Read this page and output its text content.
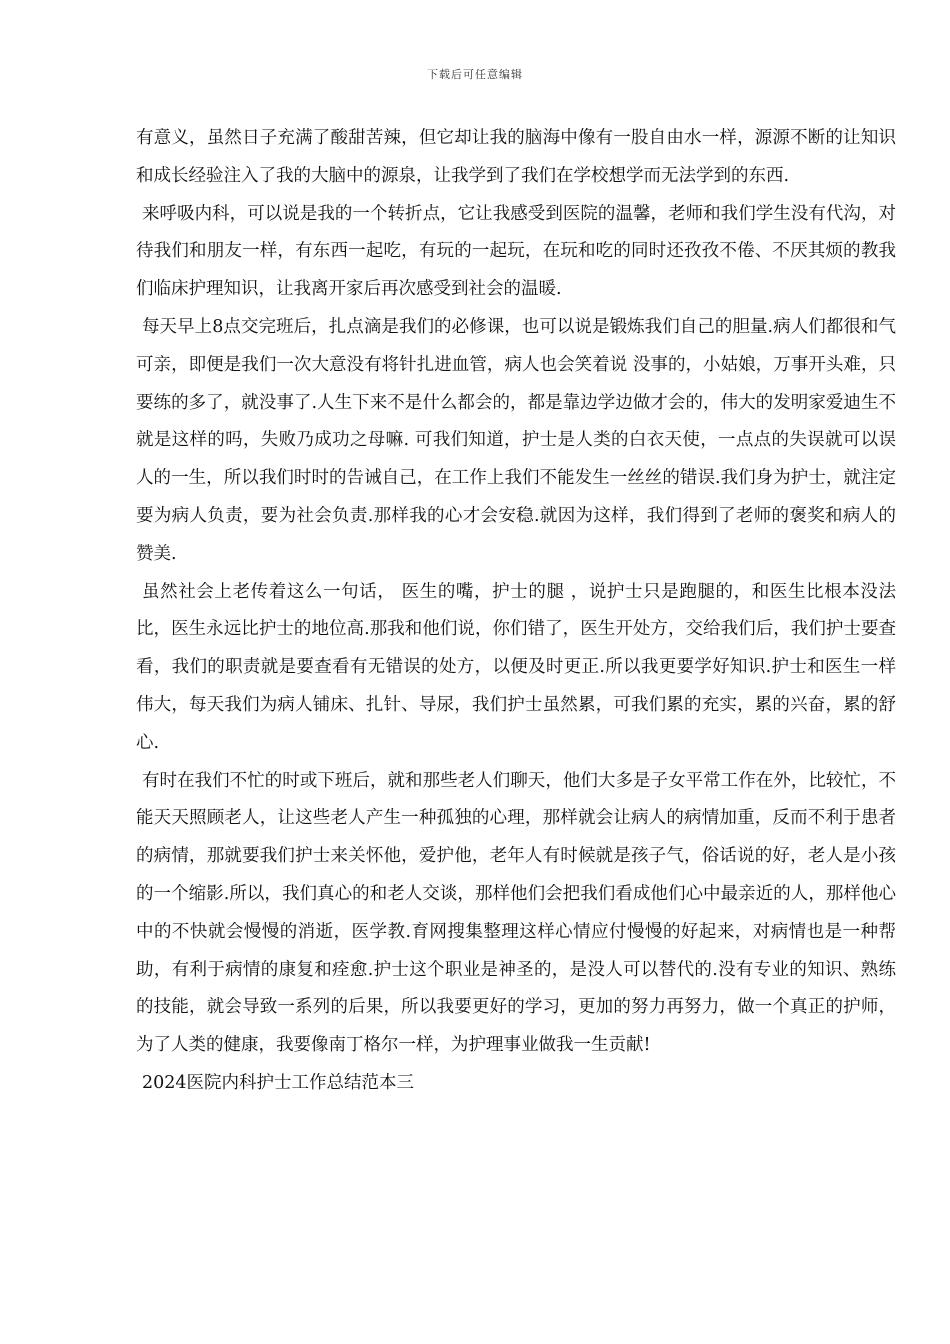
下载后可任意编辑

有意义，虽然日子充满了酸甜苦辣，但它却让我的脑海中像有一股自由水一样，源源不断的让知识和成长经验注入了我的大脑中的源泉，让我学到了我们在学校想学而无法学到的东西.

来呼吸内科，可以说是我的一个转折点，它让我感受到医院的温馨，老师和我们学生没有代沟，对待我们和朋友一样，有东西一起吃，有玩的一起玩，在玩和吃的同时还孜孜不倦、不厌其烦的教我们临床护理知识，让我离开家后再次感受到社会的温暖.

每天早上8点交完班后，扎点滴是我们的必修课，也可以说是锻炼我们自己的胆量.病人们都很和气可亲，即便是我们一次大意没有将针扎进血管，病人也会笑着说 没事的，小姑娘，万事开头难，只要练的多了，就没事了.人生下来不是什么都会的，都是靠边学边做才会的，伟大的发明家爱迪生不就是这样的吗，失败乃成功之母嘛. 可我们知道，护士是人类的白衣天使，一点点的失误就可以误人的一生，所以我们时时的告诫自己，在工作上我们不能发生一丝丝的错误.我们身为护士，就注定要为病人负责，要为社会负责.那样我的心才会安稳.就因为这样，我们得到了老师的褒奖和病人的赞美.

虽然社会上老传着这么一句话， 医生的嘴，护士的腿 ，说护士只是跑腿的，和医生比根本没法比，医生永远比护士的地位高.那我和他们说，你们错了，医生开处方，交给我们后，我们护士要查看，我们的职责就是要查看有无错误的处方，以便及时更正.所以我更要学好知识.护士和医生一样伟大，每天我们为病人铺床、扎针、导尿，我们护士虽然累，可我们累的充实，累的兴奋，累的舒心.

有时在我们不忙的时或下班后，就和那些老人们聊天，他们大多是子女平常工作在外，比较忙，不能天天照顾老人，让这些老人产生一种孤独的心理，那样就会让病人的病情加重，反而不利于患者的病情，那就要我们护士来关怀他，爱护他，老年人有时候就是孩子气，俗话说的好，老人是小孩的一个缩影.所以，我们真心的和老人交谈，那样他们会把我们看成他们心中最亲近的人，那样他心中的不快就会慢慢的消逝，医学教.育网搜集整理这样心情应付慢慢的好起来，对病情也是一种帮助，有利于病情的康复和痊愈.护士这个职业是神圣的，是没人可以替代的.没有专业的知识、熟练的技能，就会导致一系列的后果，所以我要更好的学习，更加的努力再努力，做一个真正的护师，为了人类的健康，我要像南丁格尔一样，为护理事业做我一生贡献!

2024医院内科护士工作总结范本三
